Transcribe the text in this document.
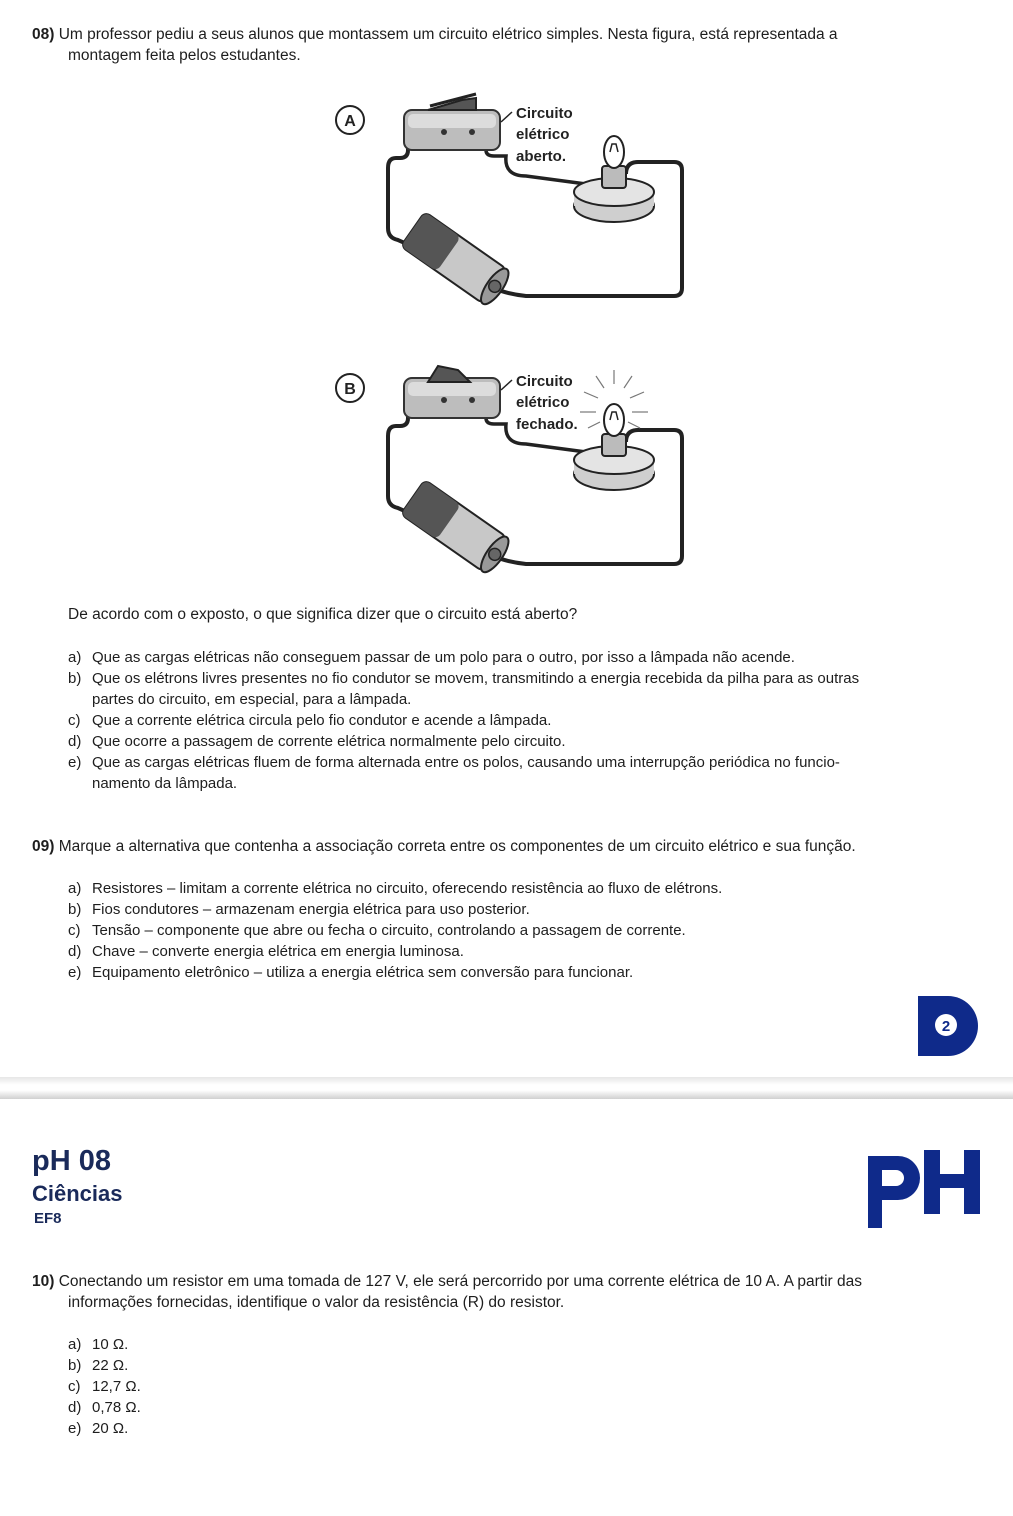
08) Um professor pediu a seus alunos que montassem um circuito elétrico simples. Nesta figura, está representada a
montagem feita pelos estudantes.
A	Circuito
elétrico
aberto.
B	Circuito
elétrico
fechado.
De acordo com o exposto, o que significa dizer que o circuito está aberto?
a) Que as cargas elétricas não conseguem passar de um polo para o outro, por isso a lâmpada não acende.
b) Que os elétrons livres presentes no fio condutor se movem, transmitindo a energia recebida da pilha para as outras
partes do circuito, em especial, para a lâmpada.
c) Que a corrente elétrica circula pelo fio condutor e acende a lâmpada.
d) Que ocorre a passagem de corrente elétrica normalmente pelo circuito.
e) Que as cargas elétricas fluem de forma alternada entre os polos, causando uma interrupção periódica no funcio-
namento da lâmpada.
09) Marque a alternativa que contenha a associação correta entre os componentes de um circuito elétrico e sua função.
a) Resistores – limitam a corrente elétrica no circuito, oferecendo resistência ao fluxo de elétrons.
b) Fios condutores – armazenam energia elétrica para uso posterior.
c) Tensão – componente que abre ou fecha o circuito, controlando a passagem de corrente.
d) Chave – converte energia elétrica em energia luminosa.
e) Equipamento eletrônico – utiliza a energia elétrica sem conversão para funcionar.
2
pH 08
Ciências
EF8
pH
10) Conectando um resistor em uma tomada de 127 V, ele será percorrido por uma corrente elétrica de 10 A. A partir das
informações fornecidas, identifique o valor da resistência (R) do resistor.
a) 10 Ω.
b) 22 Ω.
c) 12,7 Ω.
d) 0,78 Ω.
e) 20 Ω.
